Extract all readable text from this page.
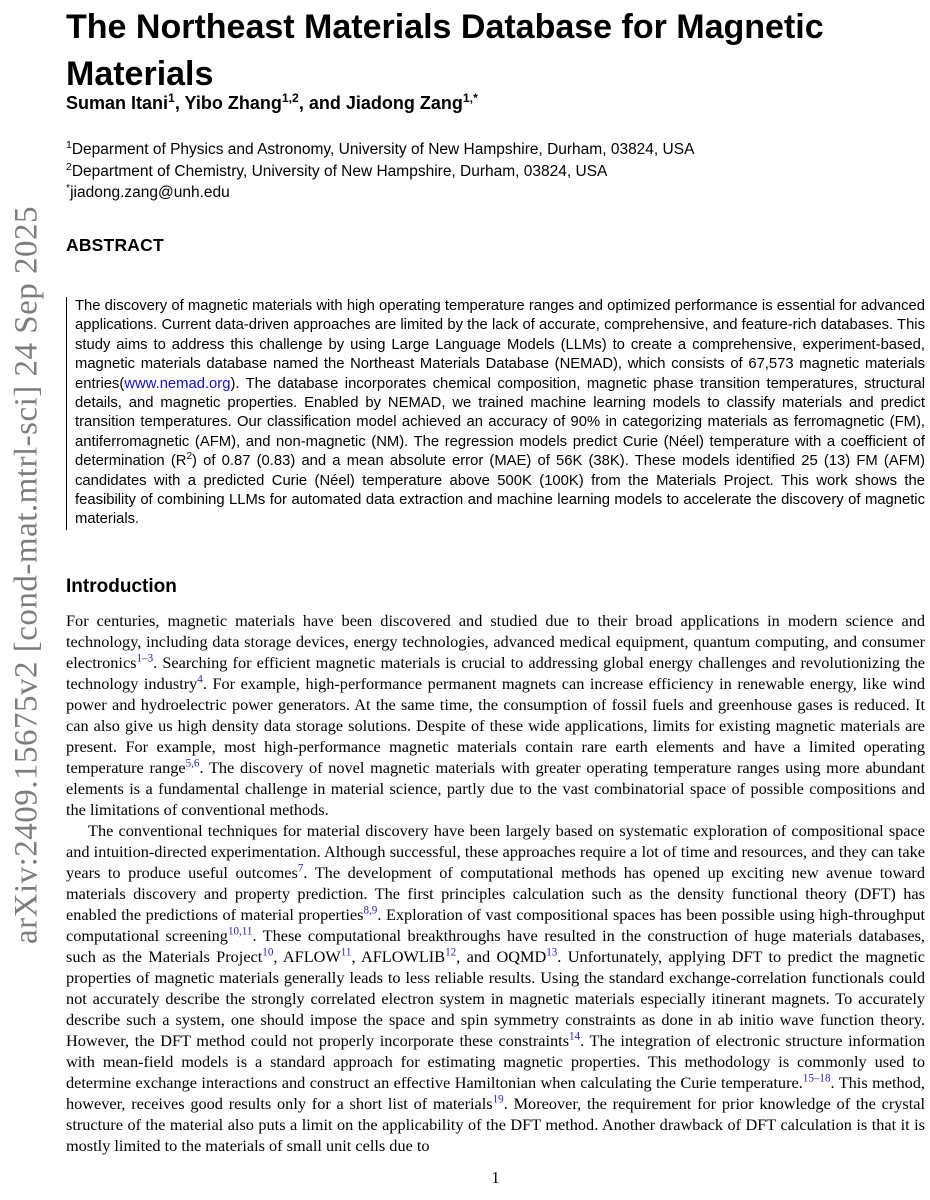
arXiv:2409.15675v2 [cond-mat.mtrl-sci] 24 Sep 2025
The Northeast Materials Database for Magnetic Materials
Suman Itani$^1$, Yibo Zhang$^{1,2}$, and Jiadong Zang$^{1,*}$
$^1$Deparment of Physics and Astronomy, University of New Hampshire, Durham, 03824, USA
$^2$Department of Chemistry, University of New Hampshire, Durham, 03824, USA
*jiadong.zang@unh.edu
ABSTRACT
The discovery of magnetic materials with high operating temperature ranges and optimized performance is essential for advanced applications. Current data-driven approaches are limited by the lack of accurate, comprehensive, and feature-rich databases. This study aims to address this challenge by using Large Language Models (LLMs) to create a comprehensive, experiment-based, magnetic materials database named the Northeast Materials Database (NEMAD), which consists of 67,573 magnetic materials entries(www.nemad.org). The database incorporates chemical composition, magnetic phase transition temperatures, structural details, and magnetic properties. Enabled by NEMAD, we trained machine learning models to classify materials and predict transition temperatures. Our classification model achieved an accuracy of 90% in categorizing materials as ferromagnetic (FM), antiferromagnetic (AFM), and non-magnetic (NM). The regression models predict Curie (Néel) temperature with a coefficient of determination $(R^2)$ of 0.87 (0.83) and a mean absolute error (MAE) of 56K (38K). These models identified 25 (13) FM (AFM) candidates with a predicted Curie (Néel) temperature above 500K (100K) from the Materials Project. This work shows the feasibility of combining LLMs for automated data extraction and machine learning models to accelerate the discovery of magnetic materials.
Introduction

For centuries, magnetic materials have been discovered and studied due to their broad applications in modern science and technology, including data storage devices, energy technologies, advanced medical equipment, quantum computing, and consumer electronics$^{1-3}$. Searching for efficient magnetic materials is crucial to addressing global energy challenges and revolutionizing the technology industry$^4$. For example, high-performance permanent magnets can increase efficiency in renewable energy, like wind power and hydroelectric power generators. At the same time, the consumption of fossil fuels and greenhouse gases is reduced. It can also give us high density data storage solutions. Despite of these wide applications, limits for existing magnetic materials are present. For example, most high-performance magnetic materials contain rare earth elements and have a limited operating temperature range$^{5,6}$. The discovery of novel magnetic materials with greater operating temperature ranges using more abundant elements is a fundamental challenge in material science, partly due to the vast combinatorial space of possible compositions and the limitations of conventional methods.

The conventional techniques for material discovery have been largely based on systematic exploration of compositional space and intuition-directed experimentation. Although successful, these approaches require a lot of time and resources, and they can take years to produce useful outcomes$^7$. The development of computational methods has opened up exciting new avenue toward materials discovery and property prediction. The first principles calculation such as the density functional theory (DFT) has enabled the predictions of material properties$^{8,9}$. Exploration of vast compositional spaces has been possible using high-throughput computational screening$^{10,11}$. These computational breakthroughs have resulted in the construction of huge materials databases, such as the Materials Project$^{10}$, AFLOW$^{11}$, AFLOWLIB$^{12}$, and OQMD$^{13}$. Unfortunately, applying DFT to predict the magnetic properties of magnetic materials generally leads to less reliable results. Using the standard exchange-correlation functionals could not accurately describe the strongly correlated electron system in magnetic materials especially itinerant magnets. To accurately describe such a system, one should impose the space and spin symmetry constraints as done in ab initio wave function theory. However, the DFT method could not properly incorporate these constraints$^{14}$. The integration of electronic structure information with mean-field models is a standard approach for estimating magnetic properties. This methodology is commonly used to determine exchange interactions and construct an effective Hamiltonian when calculating the Curie temperature.$^{15-18}$. This method, however, receives good results only for a short list of materials$^{19}$. Moreover, the requirement for prior knowledge of the crystal structure of the material also puts a limit on the applicability of the DFT method. Another drawback of DFT calculation is that it is mostly limited to the materials of small unit cells due to

1
